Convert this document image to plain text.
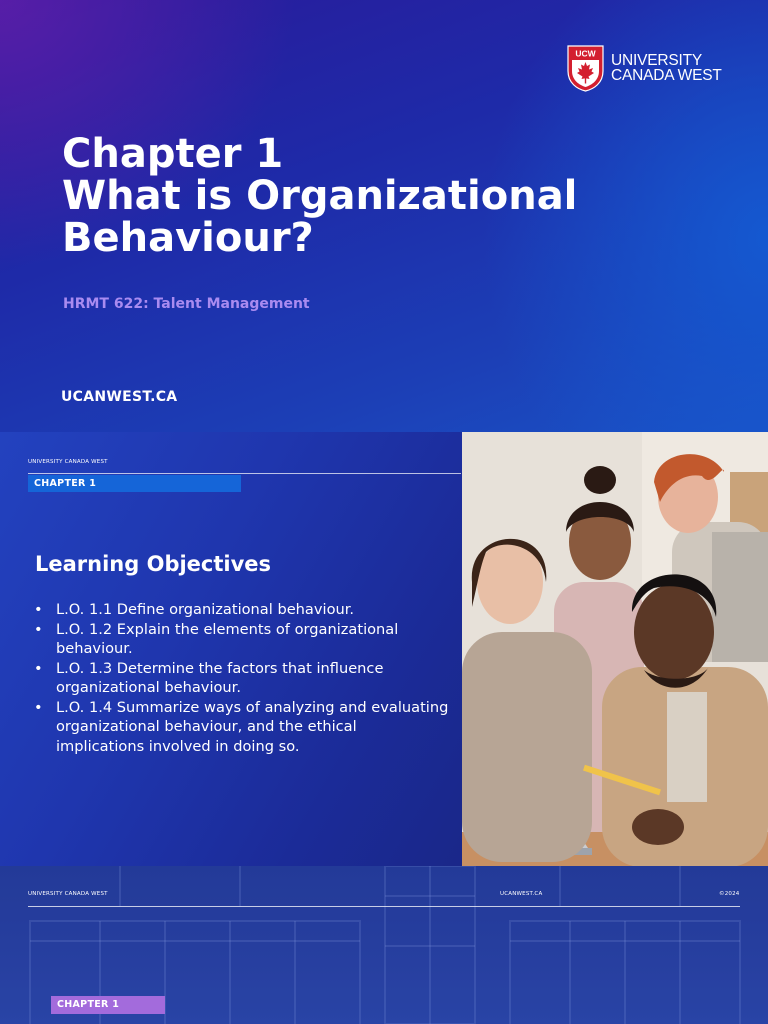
UCW UNIVERSITY
CANADA WEST
Chapter 1
What is Organizational
Behaviour?

HRMT 622: Talent Management

UCANWEST.CA

UNIVERSITY CANADA WEST
CHAPTER 1
Learning Objectives
• L.O. 1.1 Define organizational behaviour.
• L.O. 1.2 Explain the elements of organizational behaviour.
• L.O. 1.3 Determine the factors that influence organizational behaviour.
• L.O. 1.4 Summarize ways of analyzing and evaluating organizational behaviour, and the ethical implications involved in doing so.
UNIVERSITY CANADA WEST	UCANWEST.CA	©2024
CHAPTER 1
